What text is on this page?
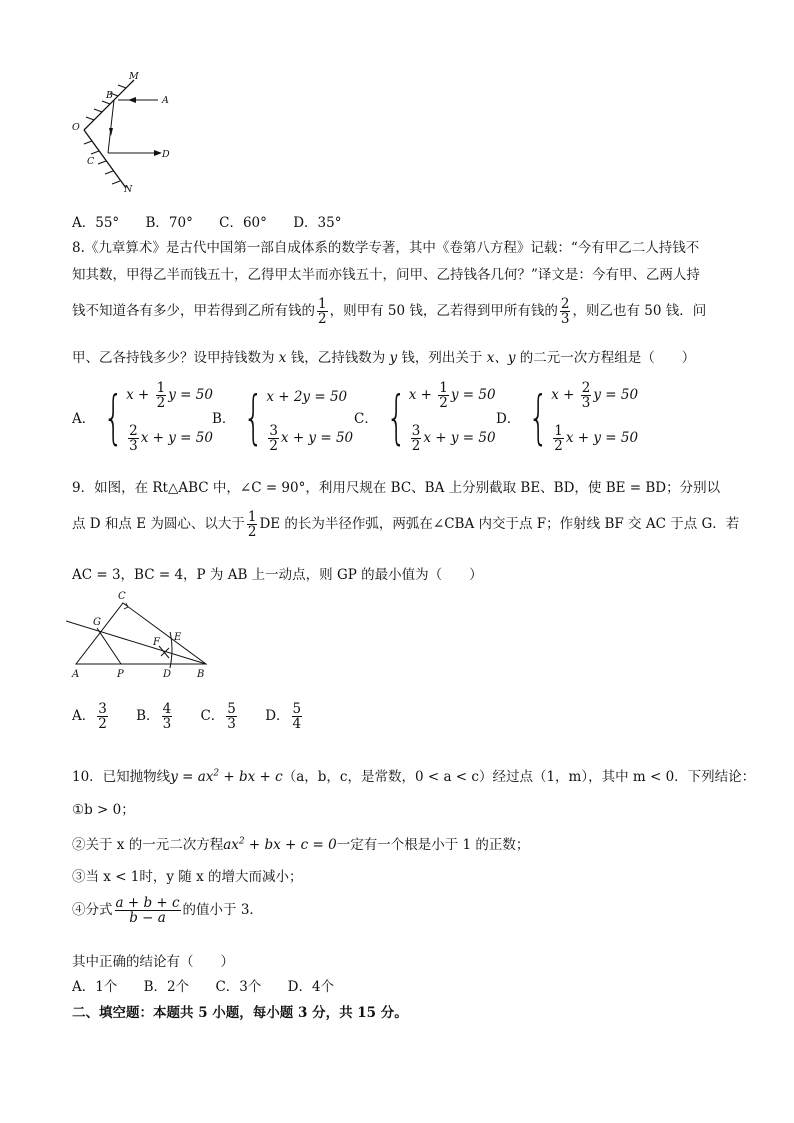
M
A
B
O
C
D
N
A．55° B．70° C．60° D．35°
8.《九章算术》是古代中国第一部自成体系的数学专著，其中《卷第八方程》记载：“今有甲乙二人持钱不
知其数，甲得乙半而钱五十，乙得甲太半而亦钱五十，问甲、乙持钱各几何？”译文是：今有甲、乙两人持
钱不知道各有多少，甲若得到乙所有钱的 $\frac{1}{2}$ ，则甲有 50 钱，乙若得到甲所有钱的 $\frac{2}{3}$ ，则乙也有 50 钱．问
甲、乙各持钱多少？设甲持钱数为 x 钱，乙持钱数为 y 钱，列出关于 x、y 的二元一次方程组是（　　）
A． { $x + \frac{1}{2}$ y = 50
$\frac{2}{3}$ x + y = 50
B． { x + 2y = 50
$\frac{3}{2}$ x + y = 50
C． { $x + \frac{1}{2}$ y = 50
$\frac{3}{2}$ x + y = 50
D． { $x + \frac{2}{3}$ y = 50
$\frac{1}{2}$ x + y = 50
9．如图，在 Rt△ABC 中，∠C = 90°，利用尺规在 BC、BA 上分别截取 BE、BD，使 BE = BD；分别以
点 D 和点 E 为圆心、以大于 $\frac{1}{2}$ DE 的长为半径作弧，两弧在∠CBA 内交于点 F；作射线 BF 交 AC 于点 G．若
AC = 3，BC = 4，P 为 AB 上一动点，则 GP 的最小值为（　　）
C
G
F E
A	P	D	B
A． $\frac{3}{2}$ B． $\frac{4}{3}$ C． $\frac{5}{3}$ D． $\frac{5}{4}$
10．已知抛物线$y = ax^2$ + bx + c（a，b，c，是常数，0 < a < c）经过点（1，m），其中 m < 0．下列结论：
①b > 0；
②关于 x 的一元二次方程$ax^2$ + bx + c = 0一定有一个根是小于 1 的正数；
③当 x < 1时，y 随 x 的增大而减小；
④分式 $\frac{a + b + c}{b - a}$ 的值小于 3．
其中正确的结论有（　　）
A．1个 B．2个 C．3个 D．4个
二、填空题：本题共 5 小题，每小题 3 分，共 15 分。
